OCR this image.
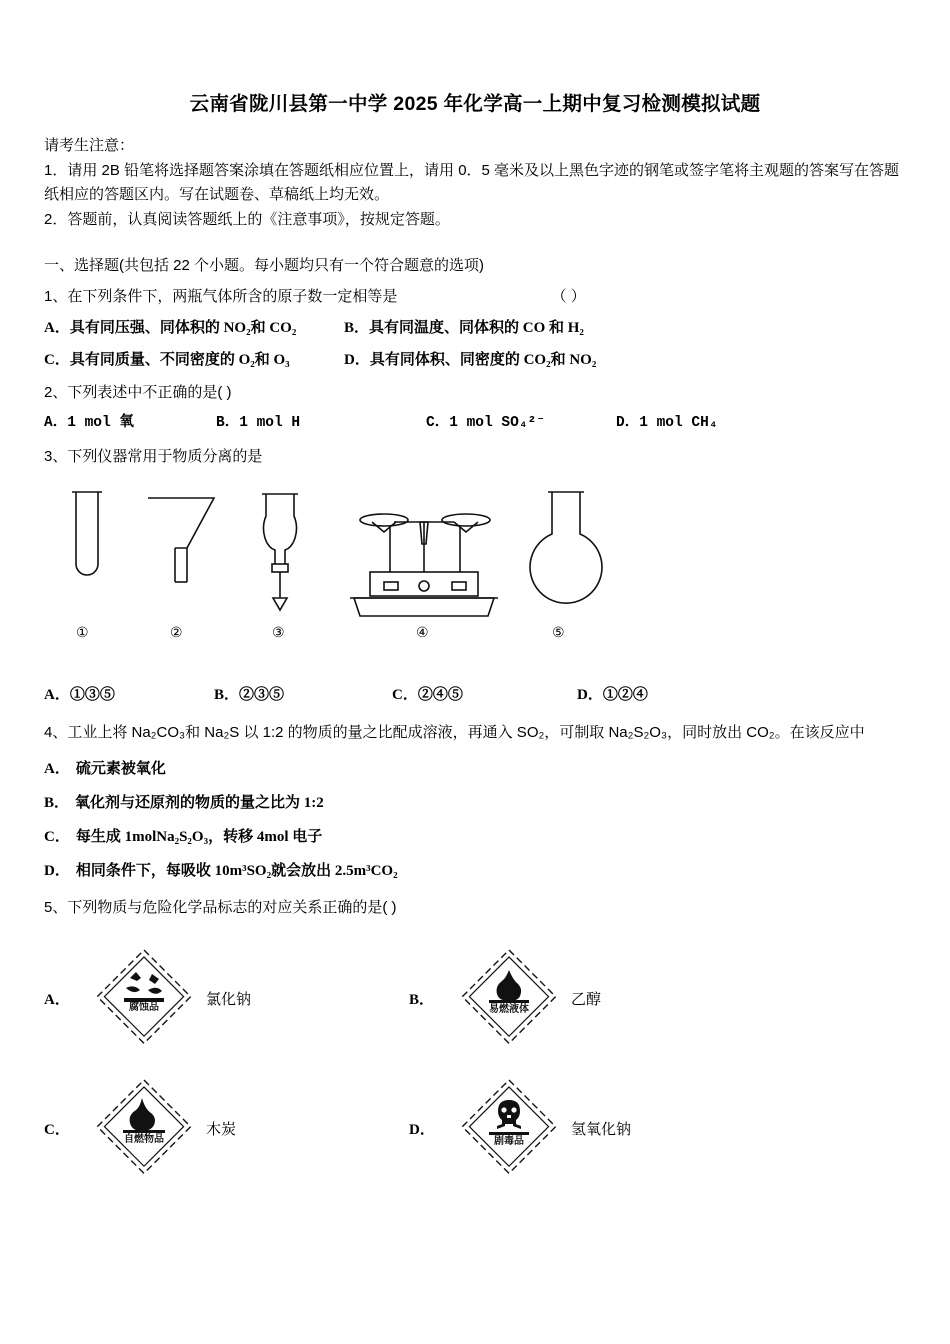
云南省陇川县第一中学 2025 年化学高一上期中复习检测模拟试题
请考生注意：
1．请用 2B 铅笔将选择题答案涂填在答题纸相应位置上，请用 0．5 毫米及以上黑色字迹的钢笔或签字笔将主观题的答案写在答题纸相应的答题区内。写在试题卷、草稿纸上均无效。
2．答题前，认真阅读答题纸上的《注意事项》，按规定答题。
一、选择题(共包括 22 个小题。每小题均只有一个符合题意的选项)
1、在下列条件下，两瓶气体所含的原子数一定相等是	（ ）
A．具有同压强、同体积的 NO₂和 CO₂	B．具有同温度、同体积的 CO 和 H₂
C．具有同质量、不同密度的 O₂和 O₃	D．具有同体积、同密度的 CO₂和 NO₂
2、下列表述中不正确的是( )
A．1 mol 氧	B．1 mol H	C．1 mol SO₄²⁻	D．1 mol CH₄
3、下列仪器常用于物质分离的是
①	②	③	④	⑤
A．①③⑤	B．②③⑤	C．②④⑤	D．①②④
4、工业上将 Na₂CO₃和 Na₂S 以 1:2 的物质的量之比配成溶液，再通入 SO₂，可制取 Na₂S₂O₃，同时放出 CO₂。在该反应中
A． 硫元素被氧化
B． 氧化剂与还原剂的物质的量之比为 1:2
C． 每生成 1molNa₂S₂O₃，转移 4mol 电子
D． 相同条件下，每吸收 10m³SO₂就会放出 2.5m³CO₂
5、下列物质与危险化学品标志的对应关系正确的是( )
A．	腐蚀品	氯化钠	B．
易燃液体
乙醇
C．
自燃物品
木炭	D．
剧毒品
氢氧化钠
